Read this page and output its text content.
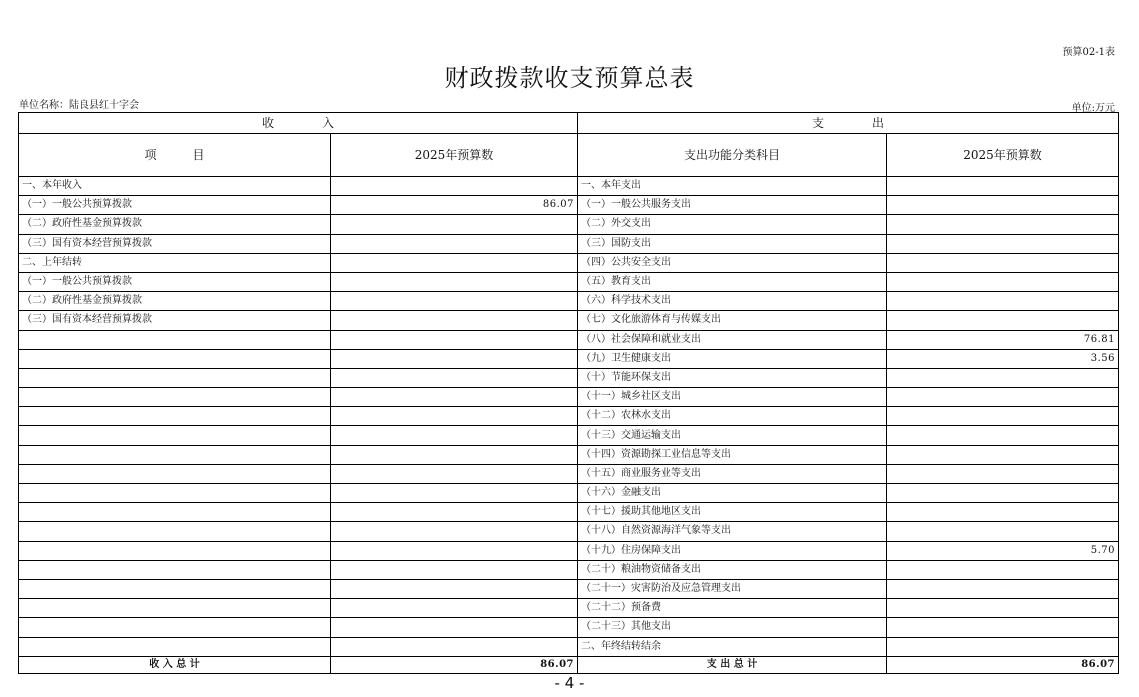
预算02-1表
财政拨款收支预算总表
单位名称：陆良县红十字会	单位:万元
收　　　　入		支　　　　出	
项　　　目	2025年预算数	支出功能分类科目	2025年预算数
一、本年收入		一、本年支出	
（一）一般公共预算拨款	86.07	（一）一般公共服务支出	
（二）政府性基金预算拨款		（二）外交支出	
（三）国有资本经营预算拨款		（三）国防支出	
二、上年结转		（四）公共安全支出	
（一）一般公共预算拨款		（五）教育支出	
（二）政府性基金预算拨款		（六）科学技术支出	
（三）国有资本经营预算拨款		（七）文化旅游体育与传媒支出	
		（八）社会保障和就业支出	76.81
		（九）卫生健康支出	3.56
		（十）节能环保支出	
		（十一）城乡社区支出	
		（十二）农林水支出	
		（十三）交通运输支出	
		（十四）资源勘探工业信息等支出	
		（十五）商业服务业等支出	
		（十六）金融支出	
		（十七）援助其他地区支出	
		（十八）自然资源海洋气象等支出	
		（十九）住房保障支出	5.70
		（二十）粮油物资储备支出	
		（二十一）灾害防治及应急管理支出	
		（二十二）预备费	
		（二十三）其他支出	
		二、年终结转结余	
收 入 总 计	86.07	支 出 总 计	86.07
- 4 -
